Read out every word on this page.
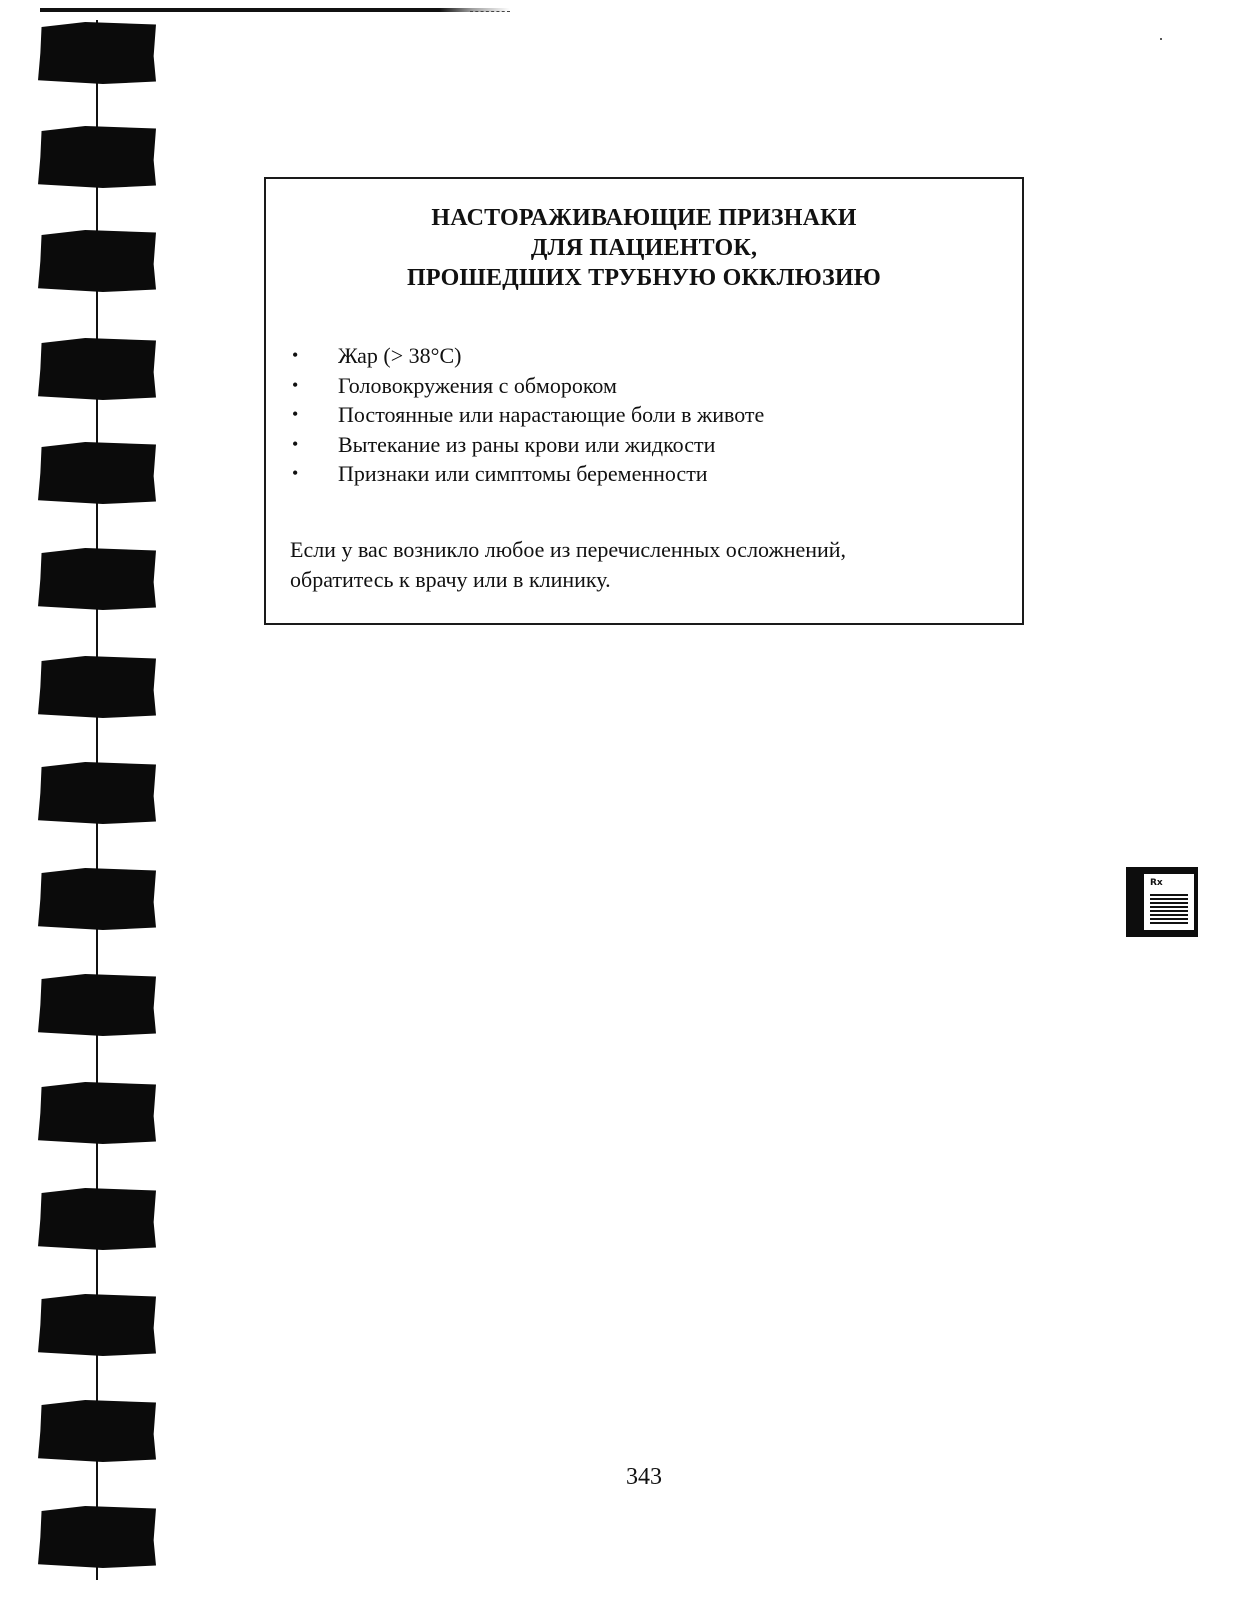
НАСТОРАЖИВАЮЩИЕ ПРИЗНАКИ
ДЛЯ ПАЦИЕНТОК,
ПРОШЕДШИХ ТРУБНУЮ ОККЛЮЗИЮ
• Жар (> 38°С)
• Головокружения с обмороком
• Постоянные или нарастающие боли в животе
• Вытекание из раны крови или жидкости
• Признаки или симптомы беременности

Если у вас возникло любое из перечисленных осложнений,
обратитесь к врачу или в клинику.

Rx
343
